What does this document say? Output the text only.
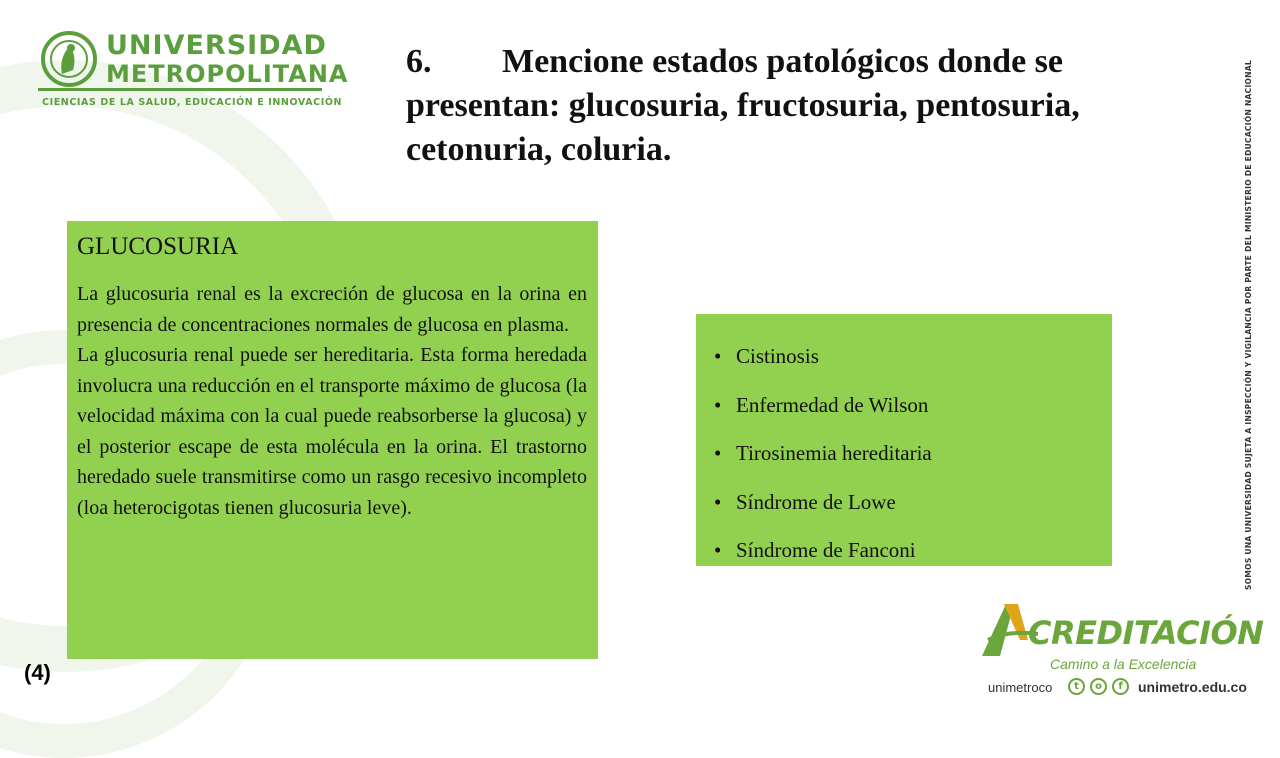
UNIVERSIDAD
METROPOLITANA
CIENCIAS DE LA SALUD, EDUCACIÓN E INNOVACIÓN
6. Mencione estados patológicos donde se presentan: glucosuria, fructosuria, pentosuria, cetonuria, coluria.
GLUCOSURIA

La glucosuria renal es la excreción de glucosa en la orina en presencia de concentraciones normales de glucosa en plasma.

La glucosuria renal puede ser hereditaria. Esta forma heredada involucra una reducción en el transporte máximo de glucosa (la velocidad máxima con la cual puede reabsorberse la glucosa) y el posterior escape de esta molécula en la orina. El trastorno heredado suele transmitirse como un rasgo recesivo incompleto (loa heterocigotas tienen glucosuria leve).

• Cistinosis
• Enfermedad de Wilson
• Tirosinemia hereditaria
• Síndrome de Lowe
• Síndrome de Fanconi
(4)
SOMOS UNA UNIVERSIDAD SUJETA A INSPECCIÓN Y VIGILANCIA POR PARTE DEL MINISTERIO DE EDUCACIÓN NACIONAL
CREDITACIÓN
Camino a la Excelencia
unimetroco	t	o	f	unimetro.edu.co
